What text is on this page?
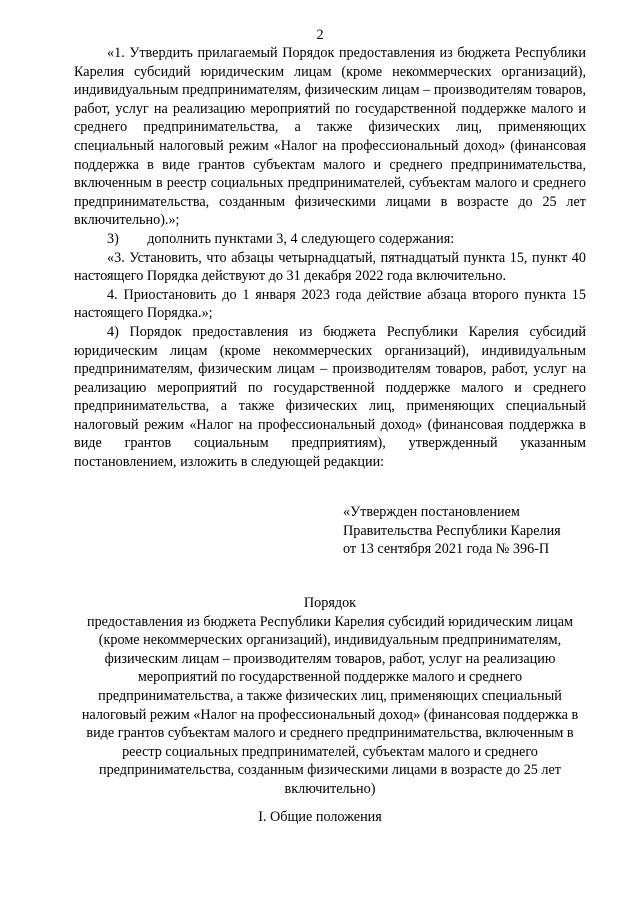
2

«1. Утвердить прилагаемый Порядок предоставления из бюджета Республики Карелия субсидий юридическим лицам (кроме некоммерческих организаций), индивидуальным предпринимателям, физическим лицам – производителям товаров, работ, услуг на реализацию мероприятий по государственной поддержке малого и среднего предпринимательства, а также физических лиц, применяющих специальный налоговый режим «Налог на профессиональный доход» (финансовая поддержка в виде грантов субъектам малого и среднего предпринимательства, включенным в реестр социальных предпринимателей, субъектам малого и среднего предпринимательства, созданным физическими лицами в возрасте до 25 лет включительно).»;

3)        дополнить пунктами 3, 4 следующего содержания:

«3. Установить, что абзацы четырнадцатый, пятнадцатый пункта 15, пункт 40 настоящего Порядка действуют до 31 декабря 2022 года включительно.

4. Приостановить до 1 января 2023 года действие абзаца второго пункта 15 настоящего Порядка.»;

4) Порядок предоставления из бюджета Республики Карелия субсидий юридическим лицам (кроме некоммерческих организаций), индивидуальным предпринимателям, физическим лицам – производителям товаров, работ, услуг на реализацию мероприятий по государственной поддержке малого и среднего предпринимательства, а также физических лиц, применяющих специальный налоговый режим «Налог на профессиональный доход» (финансовая поддержка в виде грантов социальным предприятиям), утвержденный указанным постановлением, изложить в следующей редакции:

«Утвержден постановлением
Правительства Республики Карелия
от 13 сентября 2021 года № 396-П

Порядок

предоставления из бюджета Республики Карелия субсидий юридическим лицам (кроме некоммерческих организаций), индивидуальным предпринимателям, физическим лицам – производителям товаров, работ, услуг на реализацию мероприятий по государственной поддержке малого и среднего предпринимательства, а также физических лиц, применяющих специальный налоговый режим «Налог на профессиональный доход» (финансовая поддержка в виде грантов субъектам малого и среднего предпринимательства, включенным в реестр социальных предпринимателей, субъектам малого и среднего предпринимательства, созданным физическими лицами в возрасте до 25 лет включительно)

I. Общие положения
